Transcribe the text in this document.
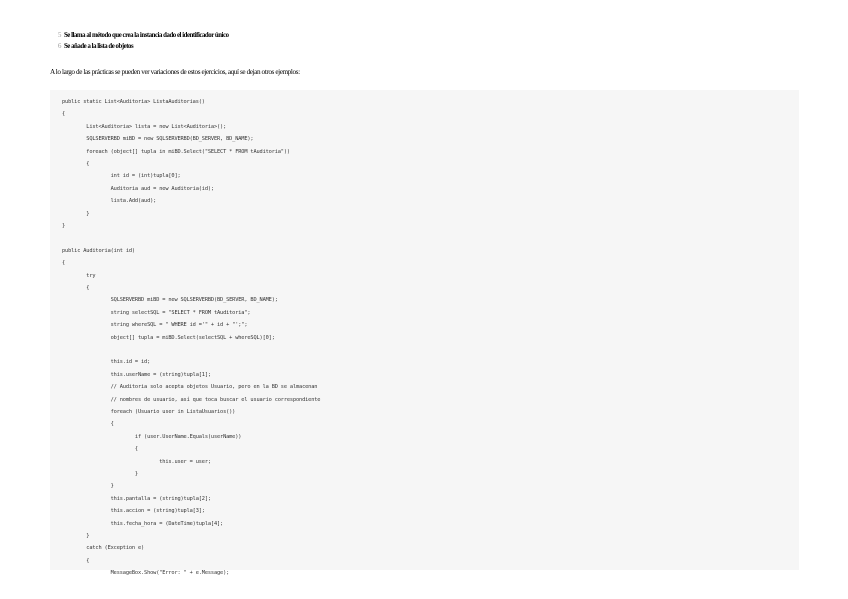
5 Se llama al método que crea la instancia dado el identificador único
6 Se añade a la lista de objetos
A lo largo de las prácticas se pueden ver variaciones de estos ejercicios, aquí se dejan otros ejemplos:
public static List<Auditoria> ListaAuditorias()
{
List<Auditoria> lista = new List<Auditoria>();
SQLSERVERBD miBD = new SQLSERVERBD(BD_SERVER, BD_NAME);
foreach (object[] tupla in miBD.Select("SELECT * FROM tAuditoria"))
{
int id = (int)tupla[0];
Auditoria aud = new Auditoria(id);
lista.Add(aud);
}
}
public Auditoria(int id)
{
try
{
SQLSERVERBD miBD = new SQLSERVERBD(BD_SERVER, BD_NAME);
string selectSQL = "SELECT * FROM tAuditoria";
string whereSQL = " WHERE id ='" + id + "';";
object[] tupla = miBD.Select(selectSQL + whereSQL)[0];
this.id = id;
this.userName = (string)tupla[1];
// Auditoria solo acepta objetos Usuario, pero en la BD se almacenan
// nombres de usuario, así que toca buscar el usuario correspondiente
foreach (Usuario user in ListaUsuarios())
{
if (user.UserName.Equals(userName))
{
this.user = user;
}
}
this.pantalla = (string)tupla[2];
this.accion = (string)tupla[3];
this.fecha_hora = (DateTime)tupla[4];
}
catch (Exception e)
{
MessageBox.Show("Error: " + e.Message);
